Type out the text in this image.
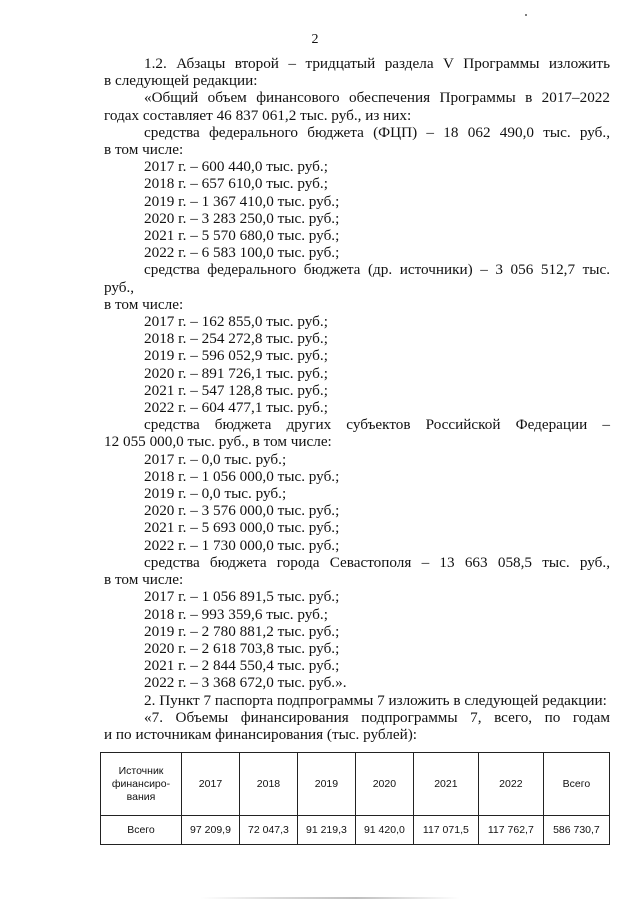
2

1.2. Абзацы второй – тридцатый раздела V Программы изложить

в следующей редакции:

«Общий объем финансового обеспечения Программы в 2017–2022

годах составляет 46 837 061,2 тыс. руб., из них:

средства федерального бюджета (ФЦП) – 18 062 490,0 тыс. руб.,

в том числе:

2017 г. – 600 440,0 тыс. руб.;

2018 г. – 657 610,0 тыс. руб.;

2019 г. – 1 367 410,0 тыс. руб.;

2020 г. – 3 283 250,0 тыс. руб.;

2021 г. – 5 570 680,0 тыс. руб.;

2022 г. – 6 583 100,0 тыс. руб.;

средства федерального бюджета (др. источники) – 3 056 512,7 тыс. руб.,

в том числе:

2017 г. – 162 855,0 тыс. руб.;

2018 г. – 254 272,8 тыс. руб.;

2019 г. – 596 052,9 тыс. руб.;

2020 г. – 891 726,1 тыс. руб.;

2021 г. – 547 128,8 тыс. руб.;

2022 г. – 604 477,1 тыс. руб.;

средства бюджета других субъектов Российской Федерации –

12 055 000,0 тыс. руб., в том числе:

2017 г. – 0,0 тыс. руб.;

2018 г. – 1 056 000,0 тыс. руб.;

2019 г. – 0,0 тыс. руб.;

2020 г. – 3 576 000,0 тыс. руб.;

2021 г. – 5 693 000,0 тыс. руб.;

2022 г. – 1 730 000,0 тыс. руб.;

средства бюджета города Севастополя – 13 663 058,5 тыс. руб.,

в том числе:

2017 г. – 1 056 891,5 тыс. руб.;

2018 г. – 993 359,6 тыс. руб.;

2019 г. – 2 780 881,2 тыс. руб.;

2020 г. – 2 618 703,8 тыс. руб.;

2021 г. – 2 844 550,4 тыс. руб.;

2022 г. – 3 368 672,0 тыс. руб.».

2. Пункт 7 паспорта подпрограммы 7 изложить в следующей редакции:

«7. Объемы финансирования подпрограммы 7, всего, по годам

и по источникам финансирования (тыс. рублей):

Источник
финансиро-
вания	2017	2018	2019	2020	2021	2022	Всего
Всего	97 209,9	72 047,3	91 219,3	91 420,0	117 071,5	117 762,7	586 730,7
